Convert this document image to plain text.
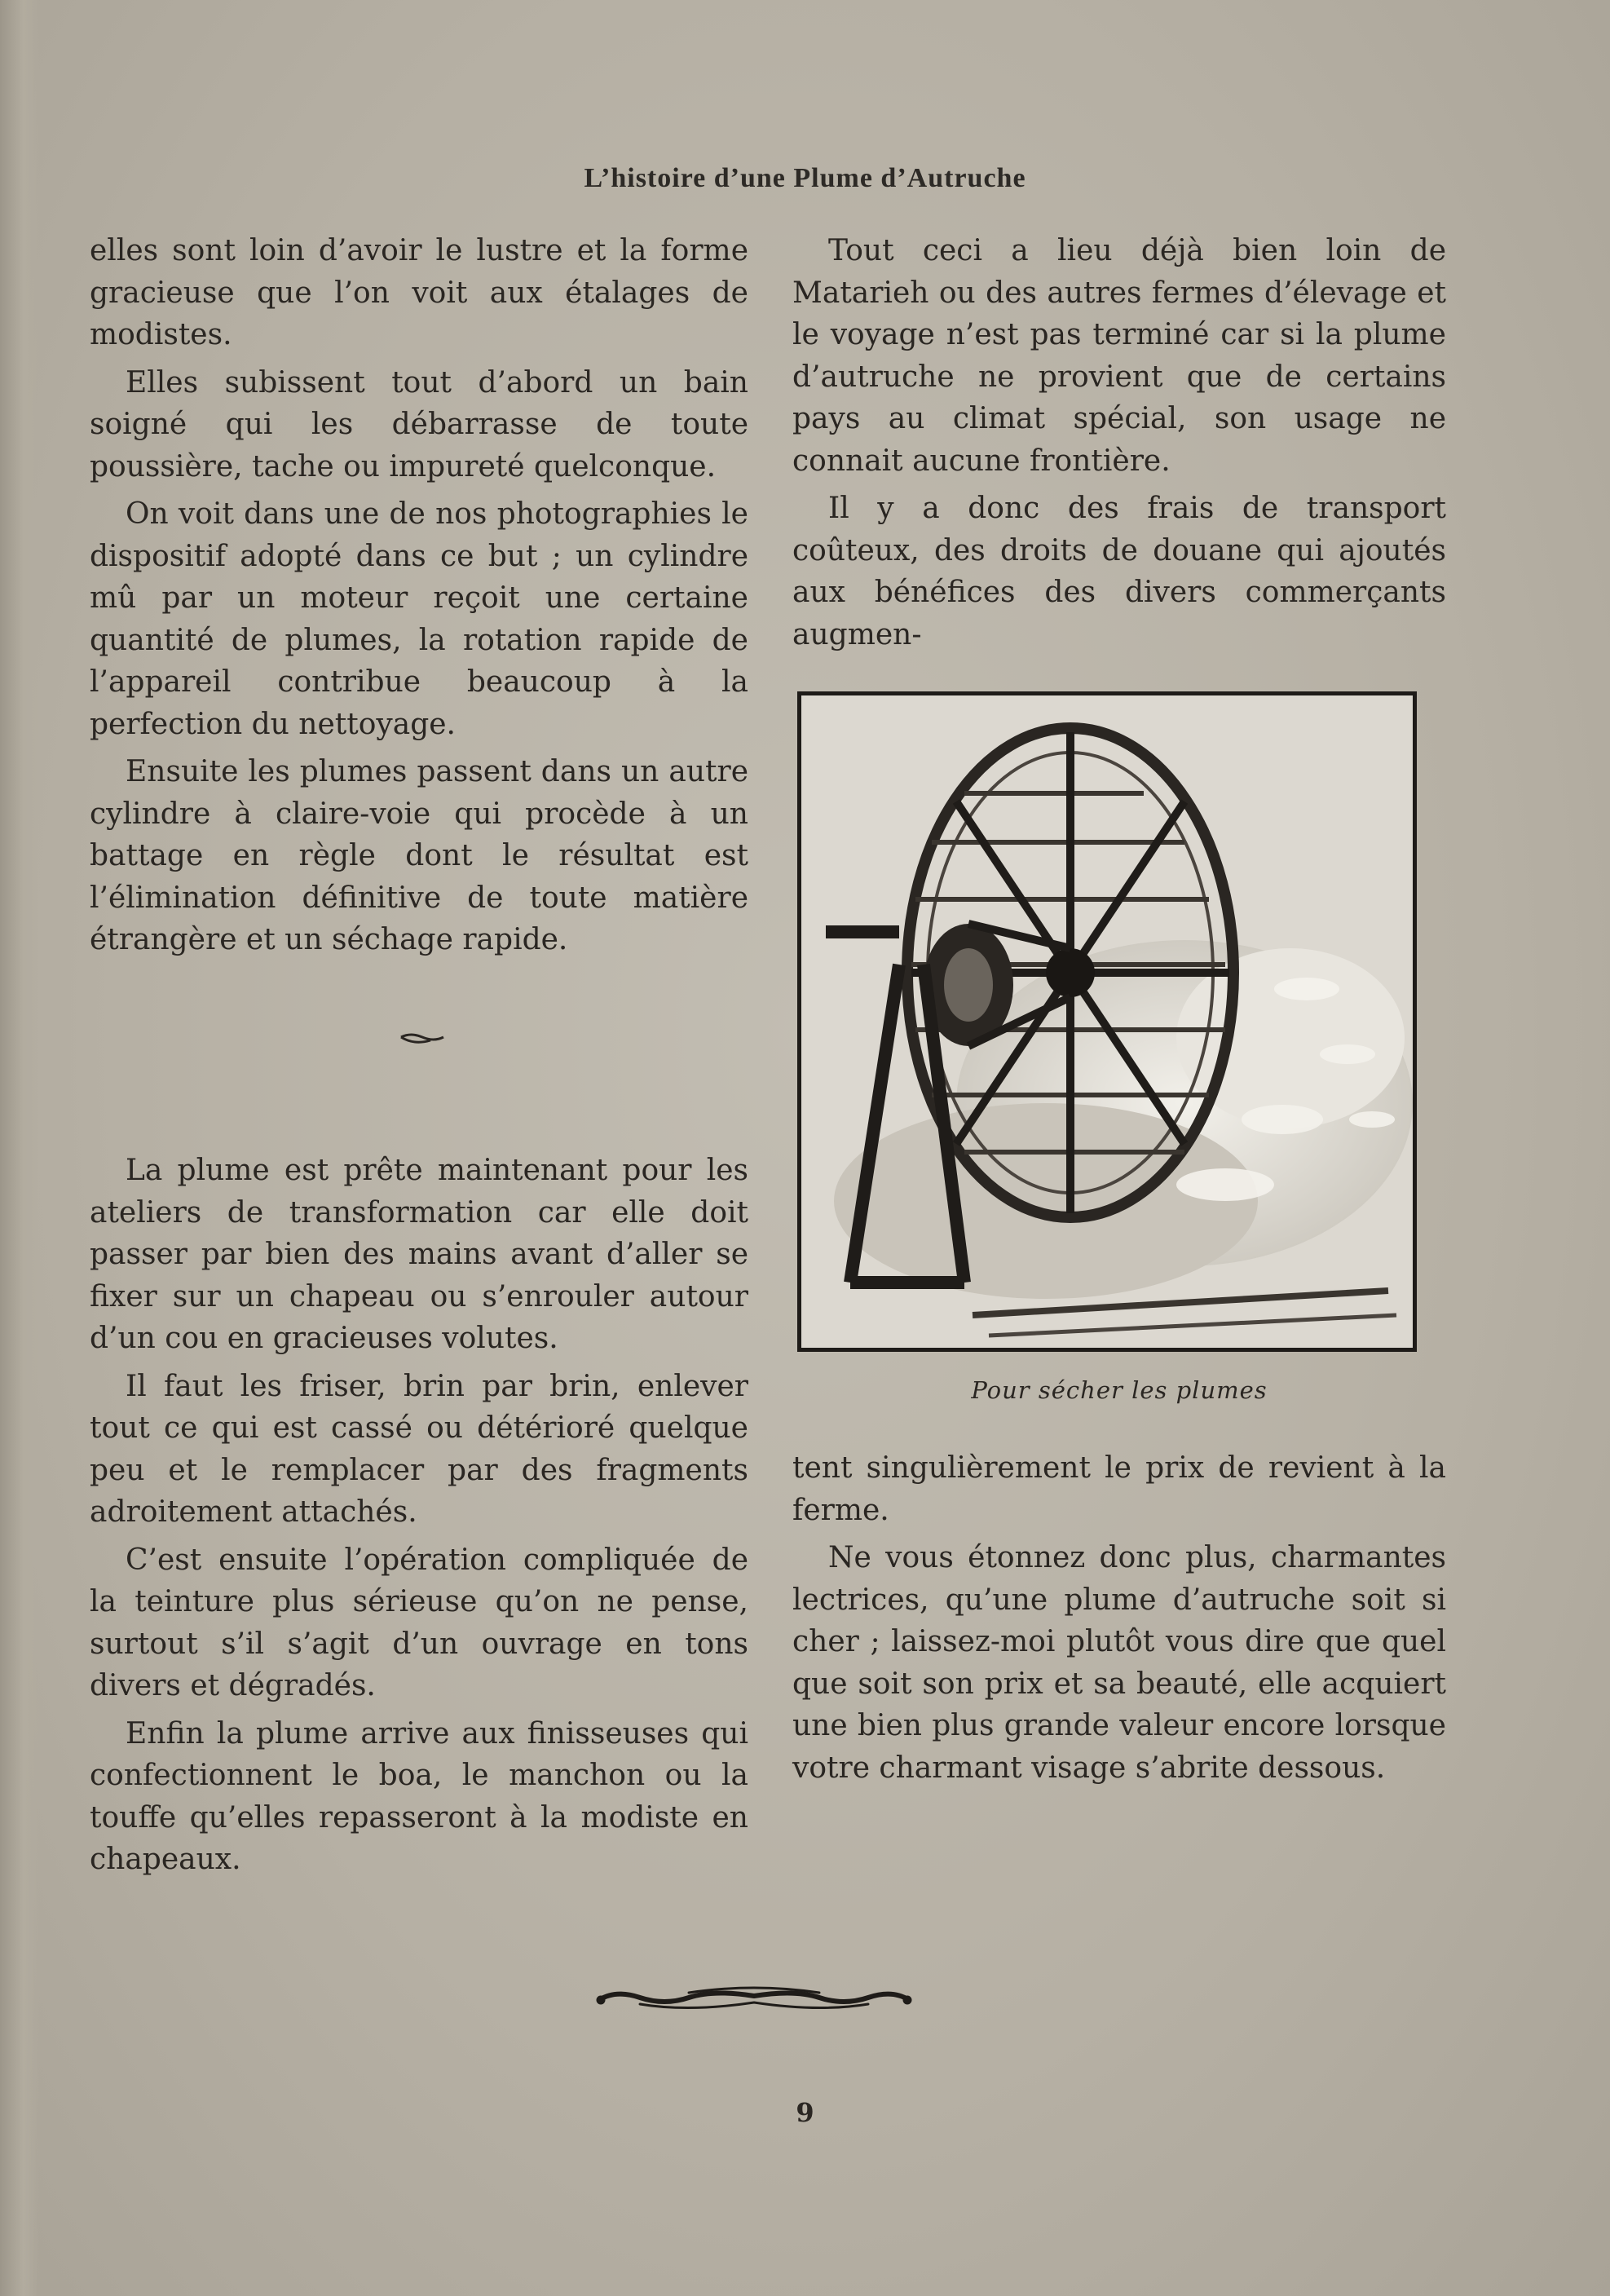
L’histoire d’une Plume d’Autruche

elles sont loin d’avoir le lustre et la forme gracieuse que l’on voit aux étalages de modistes.

Elles subissent tout d’abord un bain soigné qui les débarrasse de toute poussière, tache ou impureté quelconque.

On voit dans une de nos photographies le dispositif adopté dans ce but ; un cylindre mû par un moteur reçoit une certaine quantité de plumes, la rotation rapide de l’appareil contribue beaucoup à la perfection du nettoyage.

Ensuite les plumes passent dans un autre cylindre à claire-voie qui procède à un battage en règle dont le résultat est l’élimination définitive de toute matière étrangère et un séchage rapide.

La plume est prête maintenant pour les ateliers de transformation car elle doit passer par bien des mains avant d’aller se fixer sur un chapeau ou s’enrouler autour d’un cou en gracieuses volutes.

Il faut les friser, brin par brin, enlever tout ce qui est cassé ou détérioré quelque peu et le remplacer par des fragments adroitement attachés.

C’est ensuite l’opération compliquée de la teinture plus sérieuse qu’on ne pense, surtout s’il s’agit d’un ouvrage en tons divers et dégradés.

Enfin la plume arrive aux finisseuses qui confectionnent le boa, le manchon ou la touffe qu’elles repasseront à la modiste en chapeaux.

Tout ceci a lieu déjà bien loin de Matarieh ou des autres fermes d’élevage et le voyage n’est pas terminé car si la plume d’autruche ne provient que de certains pays au climat spécial, son usage ne connait aucune frontière.

Il y a donc des frais de transport coûteux, des droits de douane qui ajoutés aux bénéfices des divers commerçants augmen-

Pour sécher les plumes

tent singulièrement le prix de revient à la ferme.

Ne vous étonnez donc plus, charmantes lectrices, qu’une plume d’autruche soit si cher ; laissez-moi plutôt vous dire que quel que soit son prix et sa beauté, elle acquiert une bien plus grande valeur encore lorsque votre charmant visage s’abrite dessous.

9
